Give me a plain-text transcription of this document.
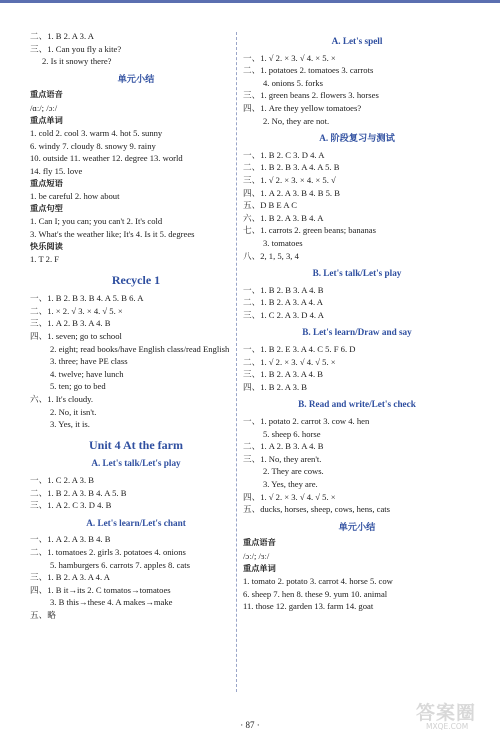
二、1. B 2. A 3. A
三、1. Can you fly a kite?
2. Is it snowy there?
单元小结
重点语音
/ɑː/; /ɔː/
重点单词
1. cold 2. cool 3. warm 4. hot 5. sunny
6. windy 7. cloudy 8. snowy 9. rainy
10. outside 11. weather 12. degree 13. world
14. fly 15. love
重点短语
1. be careful 2. how about
重点句型
1. Can I; you can; you can't 2. It's cold
3. What's the weather like; It's 4. Is it 5. degrees
快乐阅读
1. T 2. F
Recycle 1
一、1. B 2. B 3. B 4. A 5. B 6. A
二、1. × 2. √ 3. × 4. √ 5. ×
三、1. A 2. B 3. A 4. B
四、1. seven; go to school
2. eight; read books/have English class/read English
3. three; have PE class
4. twelve; have lunch
5. ten; go to bed
六、1. It's cloudy.
2. No, it isn't.
3. Yes, it is.
Unit 4 At the farm
A. Let's talk/Let's play
一、1. C 2. A 3. B
二、1. B 2. A 3. B 4. A 5. B
三、1. A 2. C 3. D 4. B
A. Let's learn/Let's chant
一、1. A 2. A 3. B 4. B
二、1. tomatoes 2. girls 3. potatoes 4. onions
5. hamburgers 6. carrots 7. apples 8. cats
三、1. B 2. A 3. A 4. A
四、1. B it→its 2. C tomatos→tomatoes
3. B this→these 4. A makes→make
五、略
A. Let's spell
一、1. √ 2. × 3. √ 4. × 5. ×
二、1. potatoes 2. tomatoes 3. carrots
4. onions 5. forks
三、1. green beans 2. flowers 3. horses
四、1. Are they yellow tomatoes?
2. No, they are not.
A. 阶段复习与测试
一、1. B 2. C 3. D 4. A
二、1. B 2. B 3. A 4. A 5. B
三、1. √ 2. × 3. × 4. × 5. √
四、1. A 2. A 3. B 4. B 5. B
五、D B E A C
六、1. B 2. A 3. B 4. A
七、1. carrots 2. green beans; bananas
3. tomatoes
八、2, 1, 5, 3, 4
B. Let's talk/Let's play
一、1. B 2. B 3. A 4. B
二、1. B 2. A 3. A 4. A
三、1. C 2. A 3. D 4. A
B. Let's learn/Draw and say
一、1. B 2. E 3. A 4. C 5. F 6. D
二、1. √ 2. × 3. √ 4. √ 5. ×
三、1. B 2. A 3. A 4. B
四、1. B 2. A 3. B
B. Read and write/Let's check
一、1. potato 2. carrot 3. cow 4. hen
5. sheep 6. horse
二、1. A 2. B 3. A 4. B
三、1. No, they aren't.
2. They are cows.
3. Yes, they are.
四、1. √ 2. × 3. √ 4. √ 5. ×
五、ducks, horses, sheep, cows, hens, cats
单元小结
重点语音
/ɔː/; /ɜː/
重点单词
1. tomato 2. potato 3. carrot 4. horse 5. cow
6. sheep 7. hen 8. these 9. yum 10. animal
11. those 12. garden 13. farm 14. goat
· 87 ·
答案圈
MXQE.COM
